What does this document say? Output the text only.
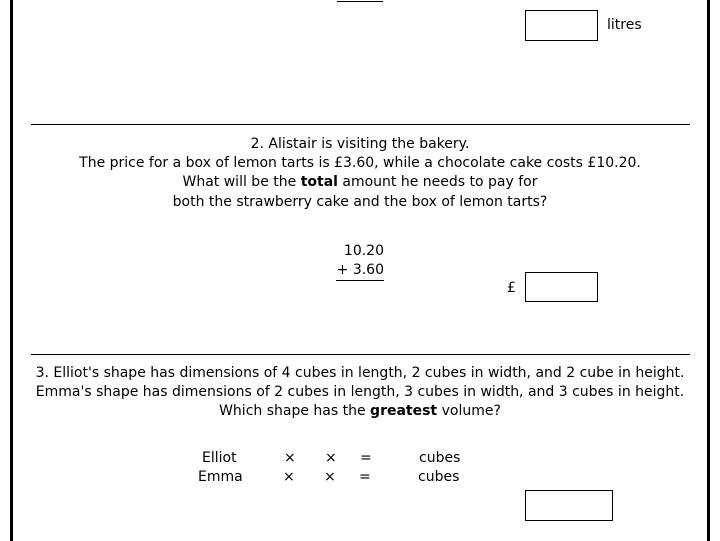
litres
2. Alistair is visiting the bakery.
The price for a box of lemon tarts is £3.60, while a chocolate cake costs £10.20.
What will be the total amount he needs to pay for
both the strawberry cake and the box of lemon tarts?
10.20
+ 3.60
£
3. Elliot's shape has dimensions of 4 cubes in length, 2 cubes in width, and 2 cube in height.
Emma's shape has dimensions of 2 cubes in length, 3 cubes in width, and 3 cubes in height.
Which shape has the greatest volume?
Elliot	× × =	cubes
Emma	× × =	cubes
